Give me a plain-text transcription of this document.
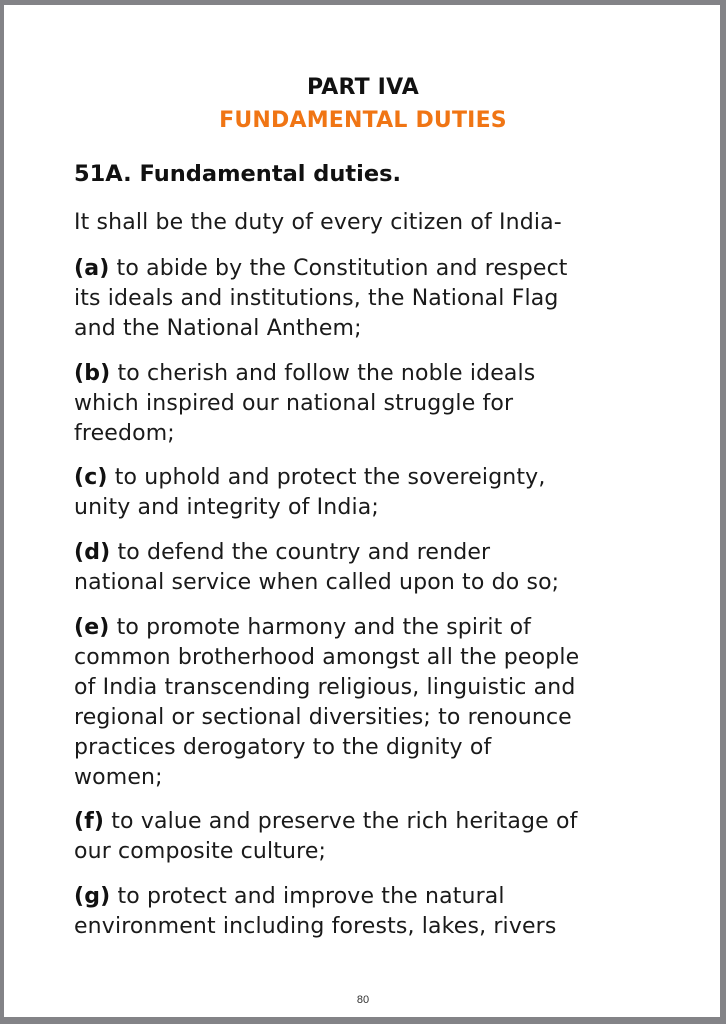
PART IVA
FUNDAMENTAL DUTIES
51A. Fundamental duties.
It shall be the duty of every citizen of India-
(a) to abide by the Constitution and respect
its ideals and institutions, the National Flag
and the National Anthem;
(b) to cherish and follow the noble ideals
which inspired our national struggle for
freedom;
(c) to uphold and protect the sovereignty,
unity and integrity of India;
(d) to defend the country and render
national service when called upon to do so;
(e) to promote harmony and the spirit of
common brotherhood amongst all the people
of India transcending religious, linguistic and
regional or sectional diversities; to renounce
practices derogatory to the dignity of
women;
(f) to value and preserve the rich heritage of
our composite culture;
(g) to protect and improve the natural
environment including forests, lakes, rivers
80
